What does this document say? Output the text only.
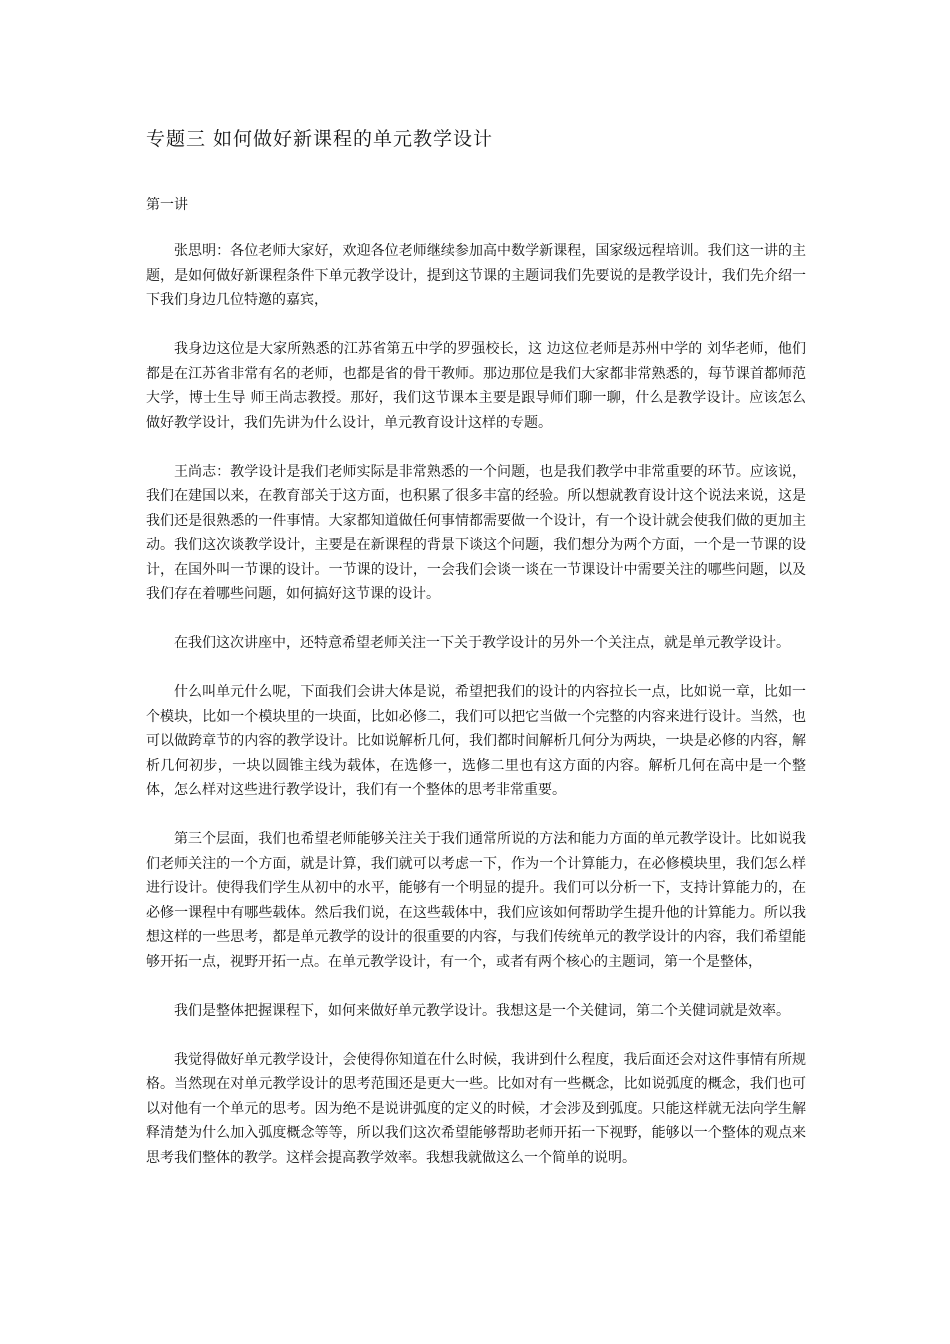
专题三 如何做好新课程的单元教学设计

第一讲

张思明：各位老师大家好，欢迎各位老师继续参加高中数学新课程，国家级远程培训。我们这一讲的主题，是如何做好新课程条件下单元教学设计，提到这节课的主题词我们先要说的是教学设计，我们先介绍一下我们身边几位特邀的嘉宾，

我身边这位是大家所熟悉的江苏省第五中学的罗强校长，这 边这位老师是苏州中学的 刘华老师，他们都是在江苏省非常有名的老师，也都是省的骨干教师。那边那位是我们大家都非常熟悉的，每节课首都师范大学，博士生导 师王尚志教授。那好，我们这节课本主要是跟导师们聊一聊，什么是教学设计。应该怎么做好教学设计，我们先讲为什么设计，单元教育设计这样的专题。

王尚志：教学设计是我们老师实际是非常熟悉的一个问题，也是我们教学中非常重要的环节。应该说，我们在建国以来，在教育部关于这方面，也积累了很多丰富的经验。所以想就教育设计这个说法来说，这是我们还是很熟悉的一件事情。大家都知道做任何事情都需要做一个设计，有一个设计就会使我们做的更加主动。我们这次谈教学设计，主要是在新课程的背景下谈这个问题，我们想分为两个方面，一个是一节课的设计，在国外叫一节课的设计。一节课的设计，一会我们会谈一谈在一节课设计中需要关注的哪些问题，以及我们存在着哪些问题，如何搞好这节课的设计。

在我们这次讲座中，还特意希望老师关注一下关于教学设计的另外一个关注点，就是单元教学设计。

什么叫单元什么呢，下面我们会讲大体是说，希望把我们的设计的内容拉长一点，比如说一章，比如一个模块，比如一个模块里的一块面，比如必修二，我们可以把它当做一个完整的内容来进行设计。当然，也可以做跨章节的内容的教学设计。比如说解析几何，我们都时间解析几何分为两块，一块是必修的内容，解析几何初步，一块以圆锥主线为载体，在选修一，选修二里也有这方面的内容。解析几何在高中是一个整体，怎么样对这些进行教学设计，我们有一个整体的思考非常重要。

第三个层面，我们也希望老师能够关注关于我们通常所说的方法和能力方面的单元教学设计。比如说我们老师关注的一个方面，就是计算，我们就可以考虑一下，作为一个计算能力，在必修模块里，我们怎么样进行设计。使得我们学生从初中的水平，能够有一个明显的提升。我们可以分析一下，支持计算能力的，在必修一课程中有哪些载体。然后我们说，在这些载体中，我们应该如何帮助学生提升他的计算能力。所以我想这样的一些思考，都是单元教学的设计的很重要的内容，与我们传统单元的教学设计的内容，我们希望能够开拓一点，视野开拓一点。在单元教学设计，有一个，或者有两个核心的主题词，第一个是整体，

我们是整体把握课程下，如何来做好单元教学设计。我想这是一个关健词，第二个关健词就是效率。

我觉得做好单元教学设计，会使得你知道在什么时候，我讲到什么程度，我后面还会对这件事情有所规格。当然现在对单元教学设计的思考范围还是更大一些。比如对有一些概念，比如说弧度的概念，我们也可以对他有一个单元的思考。因为绝不是说讲弧度的定义的时候，才会涉及到弧度。只能这样就无法向学生解释清楚为什么加入弧度概念等等，所以我们这次希望能够帮助老师开拓一下视野，能够以一个整体的观点来思考我们整体的教学。这样会提高教学效率。我想我就做这么一个简单的说明。
